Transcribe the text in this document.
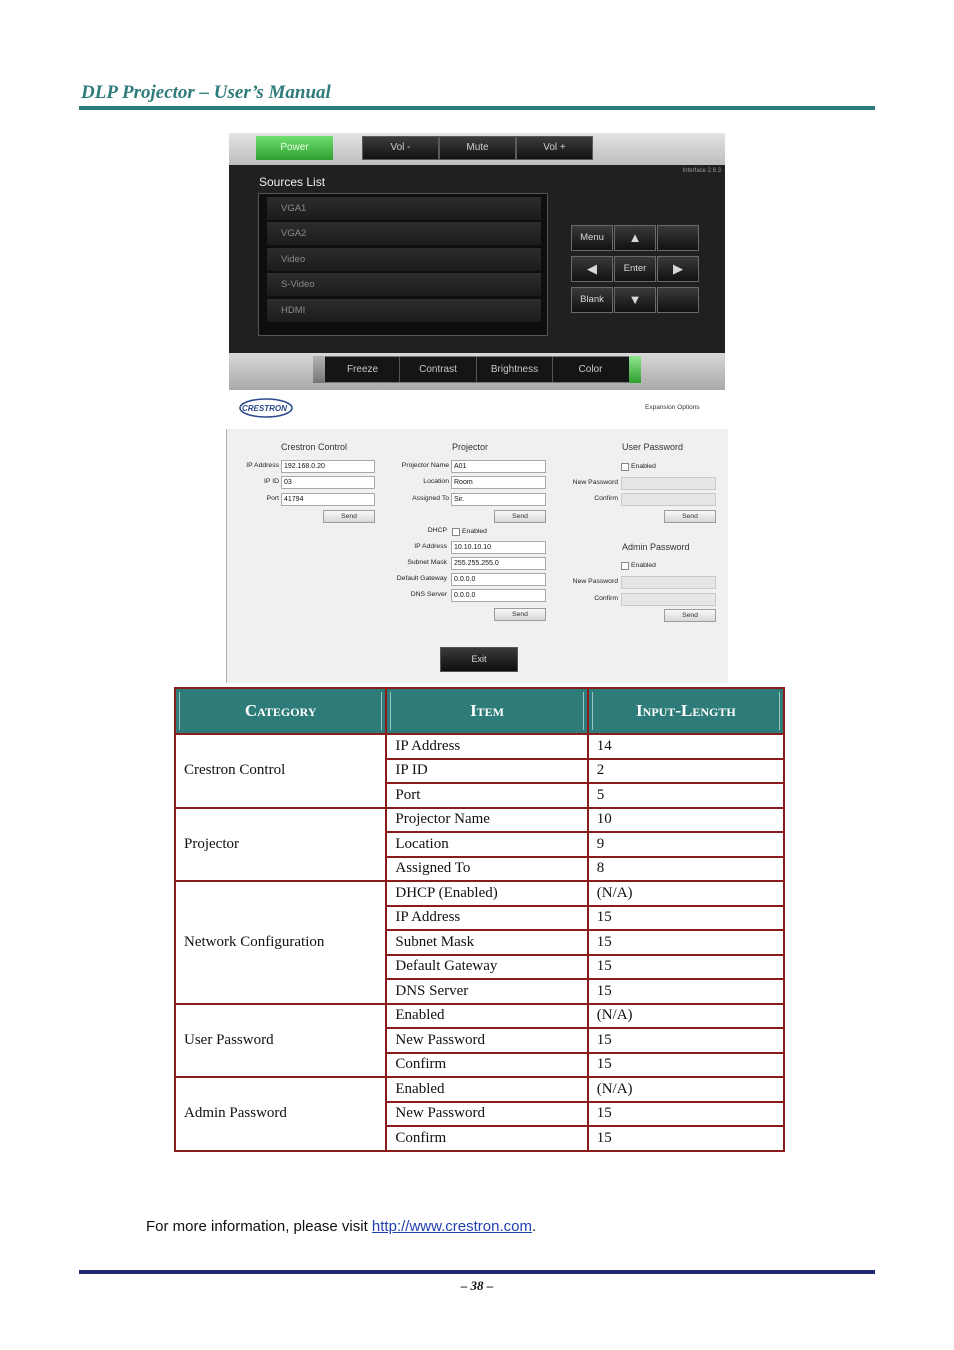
DLP Projector – User’s Manual
Power	Vol -	Mute	Vol +
Interface 2.8.3
Sources List
VGA1
VGA2
Video
S-Video
HDMI
Menu	▲
◀	Enter	▶
Blank	▼
Freeze	Contrast	Brightness	Color
CRESTRON	Expansion Options
Crestron Control
IP Address 192.168.0.20
IP ID 03
Port 41794
Send
Projector
Projector Name A01
Location Room
Assigned To Sir.
Send
DHCP Enabled
IP Address	10.10.10.10
Subnet Mask	255.255.255.0
Default Gateway	0.0.0.0
DNS Server	0.0.0.0
Send
User Password
Enabled
New Password
Confirm
Send
Admin Password
Enabled
New Password
Confirm
Send
Exit
Category	Item	Input-Length

Crestron Control	IP Address	14
	IP ID	2
	Port	5
Projector	Projector Name	10
	Location	9
	Assigned To	8
Network Configuration	DHCP (Enabled)	(N/A)
	IP Address	15
	Subnet Mask	15
	Default Gateway	15
	DNS Server	15
User Password	Enabled	(N/A)
	New Password	15
	Confirm	15
Admin Password	Enabled	(N/A)
	New Password	15
	Confirm	15
For more information, please visit http://www.crestron.com.
– 38 –
